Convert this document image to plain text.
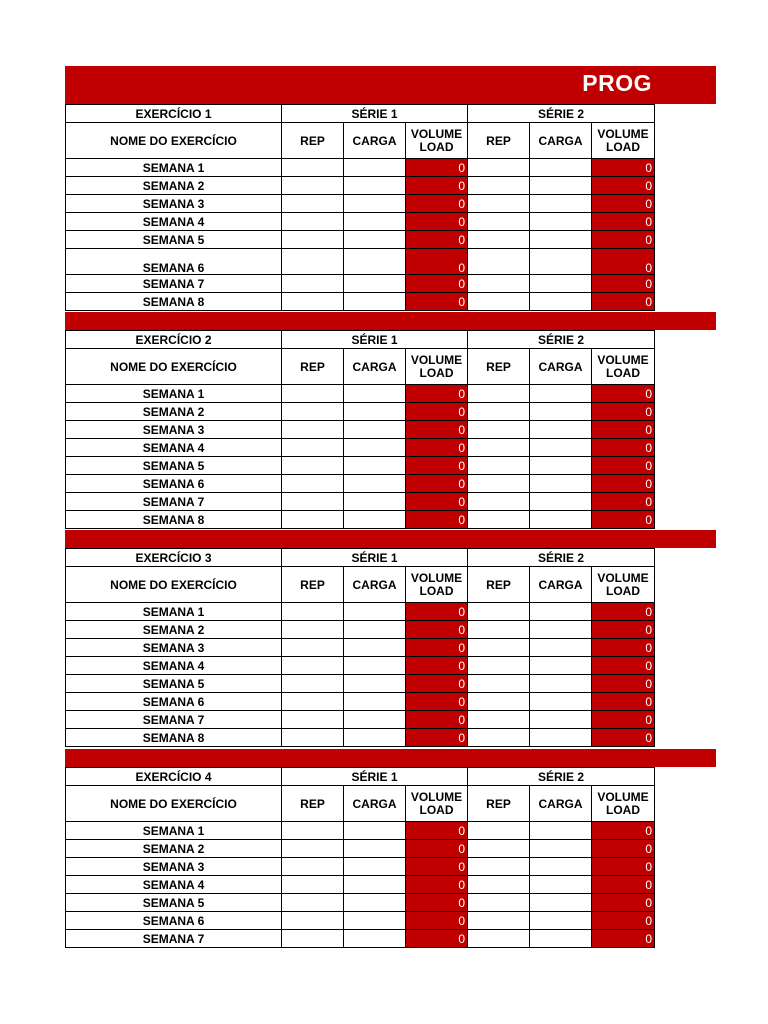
PROG
EXERCÍCIO 1	SÉRIE 1			SÉRIE 2		
NOME DO EXERCÍCIO	REP	CARGA	VOLUME LOAD	REP	CARGA	VOLUME LOAD
SEMANA 1			0			0
SEMANA 2			0			0
SEMANA 3			0			0
SEMANA 4			0			0
SEMANA 5			0			0
SEMANA 6			0			0
SEMANA 7			0			0
SEMANA 8			0			0
EXERCÍCIO 2	SÉRIE 1			SÉRIE 2		
NOME DO EXERCÍCIO	REP	CARGA	VOLUME LOAD	REP	CARGA	VOLUME LOAD
SEMANA 1			0			0
SEMANA 2			0			0
SEMANA 3			0			0
SEMANA 4			0			0
SEMANA 5			0			0
SEMANA 6			0			0
SEMANA 7			0			0
SEMANA 8			0			0
EXERCÍCIO 3	SÉRIE 1			SÉRIE 2		
NOME DO EXERCÍCIO	REP	CARGA	VOLUME LOAD	REP	CARGA	VOLUME LOAD
SEMANA 1			0			0
SEMANA 2			0			0
SEMANA 3			0			0
SEMANA 4			0			0
SEMANA 5			0			0
SEMANA 6			0			0
SEMANA 7			0			0
SEMANA 8			0			0
EXERCÍCIO 4	SÉRIE 1			SÉRIE 2		
NOME DO EXERCÍCIO	REP	CARGA	VOLUME LOAD	REP	CARGA	VOLUME LOAD
SEMANA 1			0			0
SEMANA 2			0			0
SEMANA 3			0			0
SEMANA 4			0			0
SEMANA 5			0			0
SEMANA 6			0			0
SEMANA 7			0			0
